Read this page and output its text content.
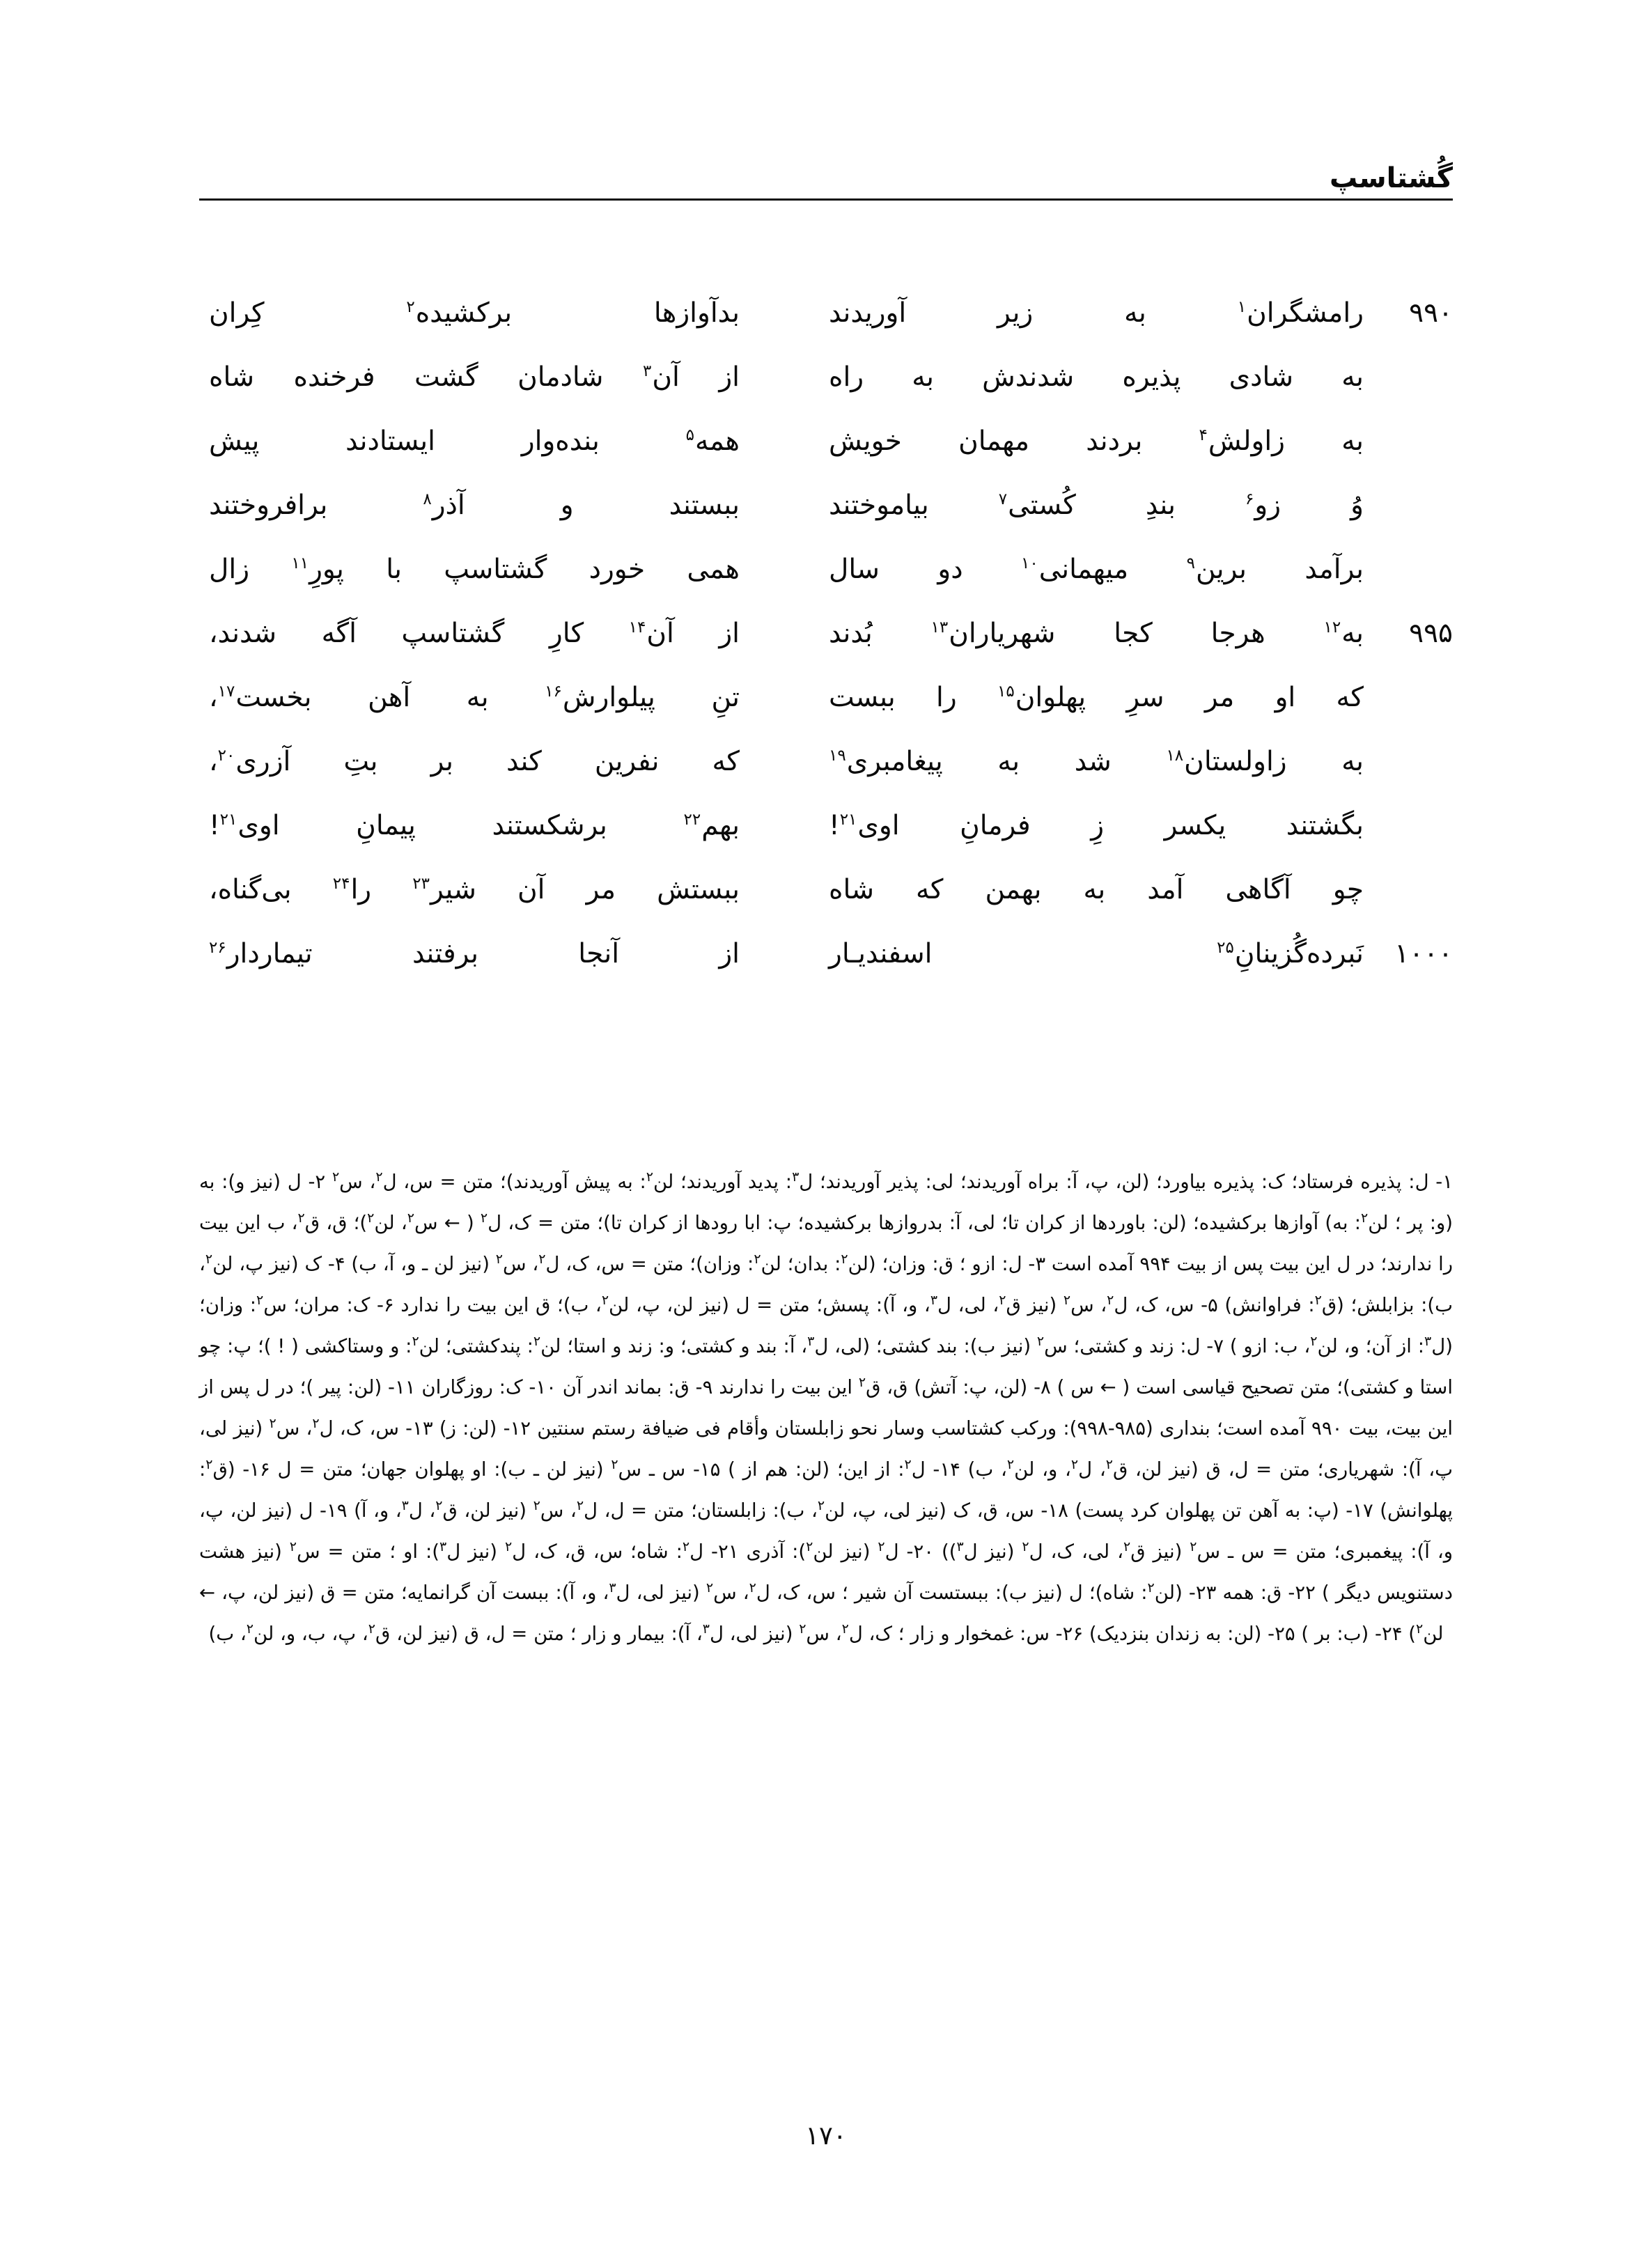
گُشتاسپ
۹۹۰
رامشگران$^۱$
به
زیر
آوریدند
بدآوازها
برکشیده$^۲$
کِران
به
شادی
پذیره
شدندش
به
راه
از
آن$^۳$
شادمان
گشت
فرخنده
شاه
به
زاولش$^۴$
بردند
مهمان
خویش
همه$^۵$
بنده‌وار
ایستادند
پیش
وُ
زو$^۶$
بندِ
کُستی$^۷$
بیاموختند
ببستند
و
آذر$^۸$
برافروختند
برآمد
برین$^۹$
میهمانی$^{۱۰}$
دو
سال
همی
خورد
گشتاسپ
با
پورِ$^{۱۱}$
زال
۹۹۵
به$^{۱۲}$
هرجا
کجا
شهریاران$^{۱۳}$
بُدند
از
آن$^{۱۴}$
کارِ
گشتاسپ
آگه
شدند،
که
او
مر
سرِ
پهلوان$^{۱۵}$
را
ببست
تنِ
پیلوارش$^{۱۶}$
به
آهن
بخست$^{۱۷}$،
به
زاولستان$^{۱۸}$
شد
به
پیغامبری$^{۱۹}$
که
نفرین
کند
بر
بتِ
آزری$^{۲۰}$،
بگشتند
یکسر
زِ
فرمانِ
اوی$^{۲۱}$!
بهم$^{۲۲}$
برشکستند
پیمانِ
اوی$^{۲۱}$!
چو
آگاهی
آمد
به
بهمن
که
شاه
ببستش
مر
آن
شیر$^{۲۳}$
را$^{۲۴}$
بی‌گناه،
۱۰۰۰
نَبرده‌گُزینانِ$^{۲۵}$
اسفندیـار
از
آنجا
برفتند
تیماردار$^{۲۶}$

۱- ل: پذیره فرستاد؛ ک: پذیره بیاورد؛ (لن، پ، آ: براه آوریدند؛ لی: پذیر آوریدند؛ ل$^۳$: پدید آوریدند؛ لن$^۲$: به پیش آوریدند)؛ متن = س، ل$^۲$، س$^۲$ ۲- ل (نیز و): به (و: پر ؛ لن$^۲$: به) آوازها برکشیده؛ (لن: باوردها از کران تا؛ لی، آ: بدروازها برکشیده؛ پ: ابا رودها از کران تا)؛ متن = ک، ل$^۲$ ( ← س$^۲$، لن$^۲$)؛ ق، ق$^۲$، ب این بیت را ندارند؛ در ل این بیت پس از بیت ۹۹۴ آمده است ۳- ل: ازو ؛ ق: وزان؛ (لن$^۲$: بدان؛ لن$^۲$: وزان)؛ متن = س، ک، ل$^۲$، س$^۲$ (نیز لن ـ و، آ، ب) ۴- ک (نیز پ، لن$^۲$، ب): بزابلش؛ (ق$^۲$: فراوانش) ۵- س، ک، ل$^۲$، س$^۲$ (نیز ق$^۲$، لی، ل$^۳$، و، آ): پسش؛ متن = ل (نیز لن، پ، لن$^۲$، ب)؛ ق این بیت را ندارد ۶- ک: مران؛ س$^۲$: وزان؛ (ل$^۳$: از آن؛ و، لن$^۲$، ب: ازو ) ۷- ل: زند و کشتی؛ س$^۲$ (نیز ب): بند کشتی؛ (لی، ل$^۳$، آ: بند و کشتی؛ و: زند و استا؛ لن$^۲$: پندکشتی؛ لن$^۲$: و وستاکشی ( ! )؛ پ: چو استا و کشتی)؛ متن تصحیح قیاسی است ( ← س ) ۸- (لن، پ: آتش) ق، ق$^۲$ این بیت را ندارند ۹- ق: بماند اندر آن ۱۰- ک: روزگاران ۱۱- (لن: پیر )؛ در ل پس از این بیت، بیت ۹۹۰ آمده است؛ بنداری (۹۸۵-۹۹۸): وركب كشتاسب وسار نحو زابلستان وأقام فی ضیافة رستم سنتین ۱۲- (لن: ز) ۱۳- س، ک، ل$^۲$، س$^۲$ (نیز لی، پ، آ): شهریاری؛ متن = ل، ق (نیز لن، ق$^۲$، ل$^۲$، و، لن$^۲$، ب) ۱۴- ل$^۲$: از این؛ (لن: هم از ) ۱۵- س ـ س$^۲$ (نیز لن ـ ب): او پهلوان جهان؛ متن = ل ۱۶- (ق$^۲$: پهلوانش) ۱۷- (پ: به آهن تن پهلوان کرد پست) ۱۸- س، ق، ک (نیز لی، پ، لن$^۲$، ب): زابلستان؛ متن = ل، ل$^۲$، س$^۲$ (نیز لن، ق$^۲$، ل$^۳$، و، آ) ۱۹- ل (نیز لن، پ، و، آ): پیغمبری؛ متن = س ـ س$^۲$ (نیز ق$^۲$، لی، ک، ل$^۲$ (نیز ل$^۳$)) ۲۰- ل$^۲$ (نیز لن$^۲$): آذری ۲۱- ل$^۲$: شاه؛ س، ق، ک، ل$^۲$ (نیز ل$^۳$): او ؛ متن = س$^۲$ (نیز هشت دستنویس دیگر ) ۲۲- ق: همه ۲۳- (لن$^۲$: شاه)؛ ل (نیز ب): ببستست آن شیر ؛ س، ک، ل$^۲$، س$^۲$ (نیز لی، ل$^۳$، و، آ): ببست آن گرانمایه؛ متن = ق (نیز لن، پ، ← لن$^۲$) ۲۴- (ب: بر ) ۲۵- (لن: به زندان بنزدیک) ۲۶- س: غمخوار و زار ؛ ک، ل$^۲$، س$^۲$ (نیز لی، ل$^۳$، آ): بیمار و زار ؛ متن = ل، ق (نیز لن، ق$^۲$، پ، ب، و، لن$^۲$، ب)

۱۷۰
